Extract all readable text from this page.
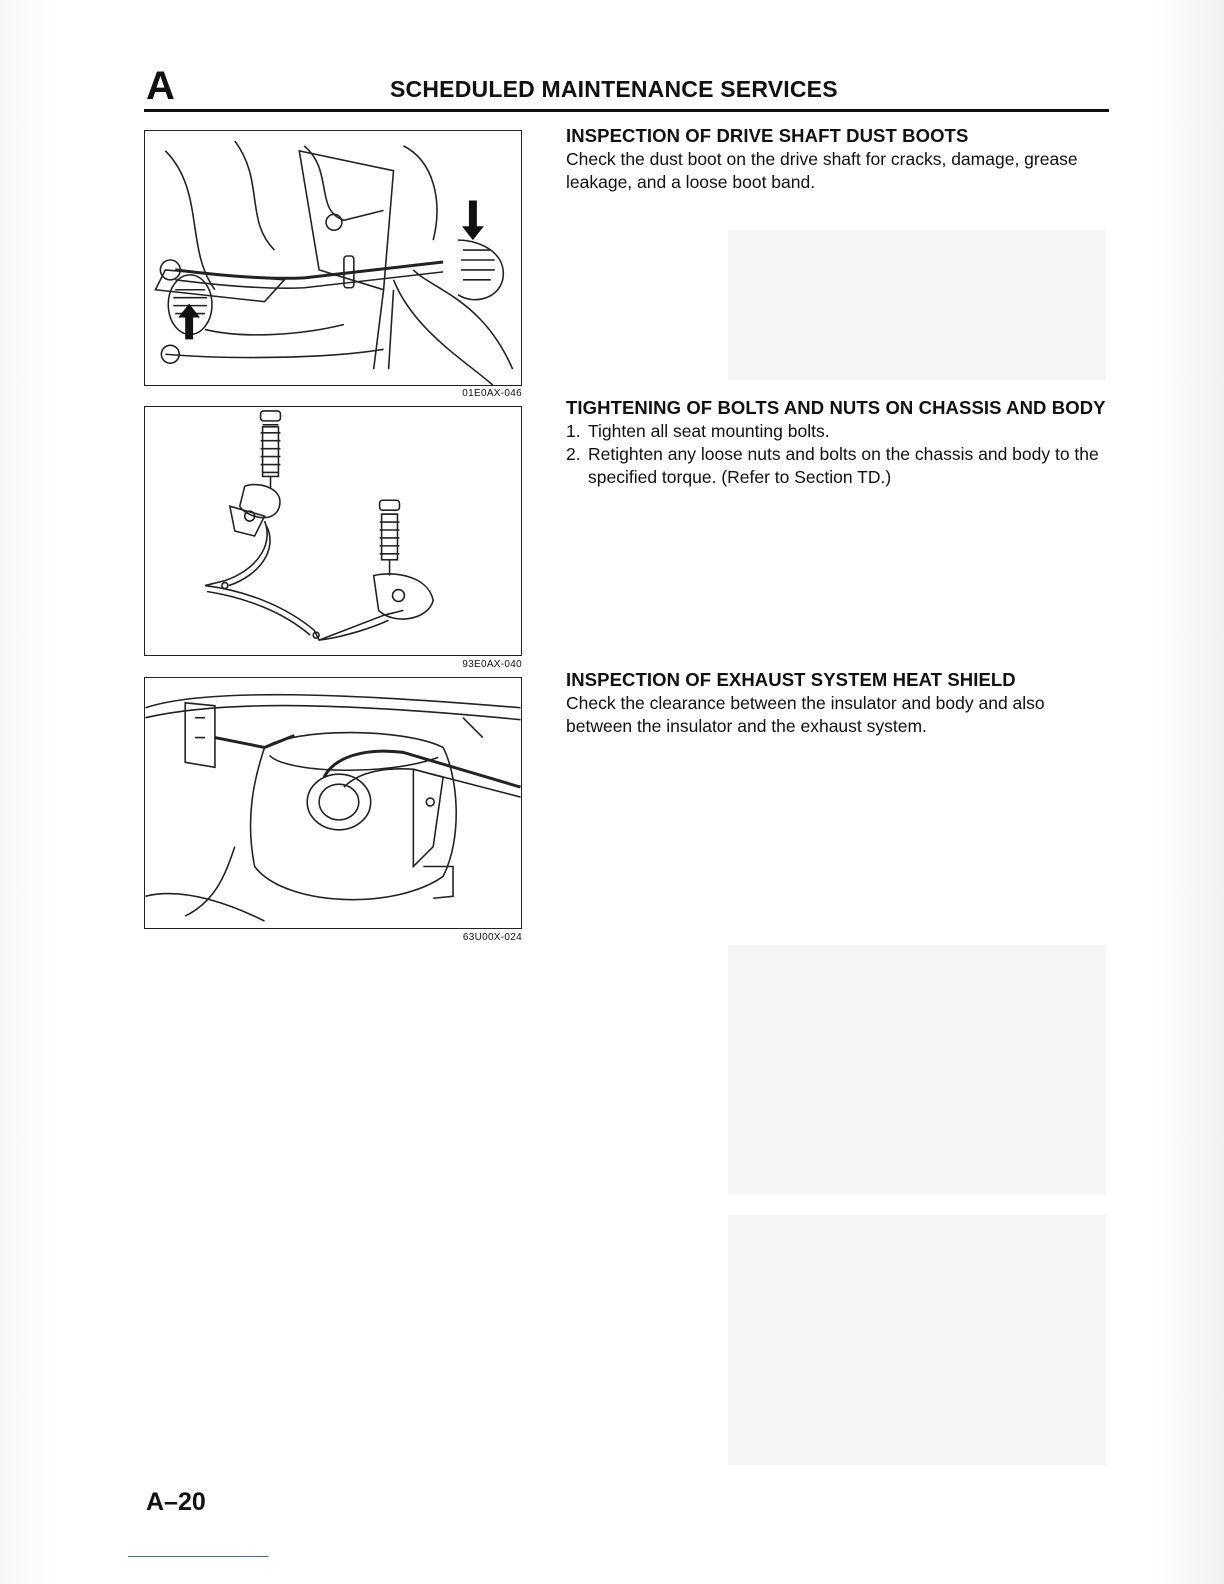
A	SCHEDULED MAINTENANCE SERVICES
01E0AX-046
93E0AX-040
63U00X-024
INSPECTION OF DRIVE SHAFT DUST BOOTS

Check the dust boot on the drive shaft for cracks, damage, grease leakage, and a loose boot band.

TIGHTENING OF BOLTS AND NUTS ON CHASSIS AND BODY
1. Tighten all seat mounting bolts.
2. Retighten any loose nuts and bolts on the chassis and body to the specified torque. (Refer to Section TD.)
INSPECTION OF EXHAUST SYSTEM HEAT SHIELD

Check the clearance between the insulator and body and also between the insulator and the exhaust system.

A–20
